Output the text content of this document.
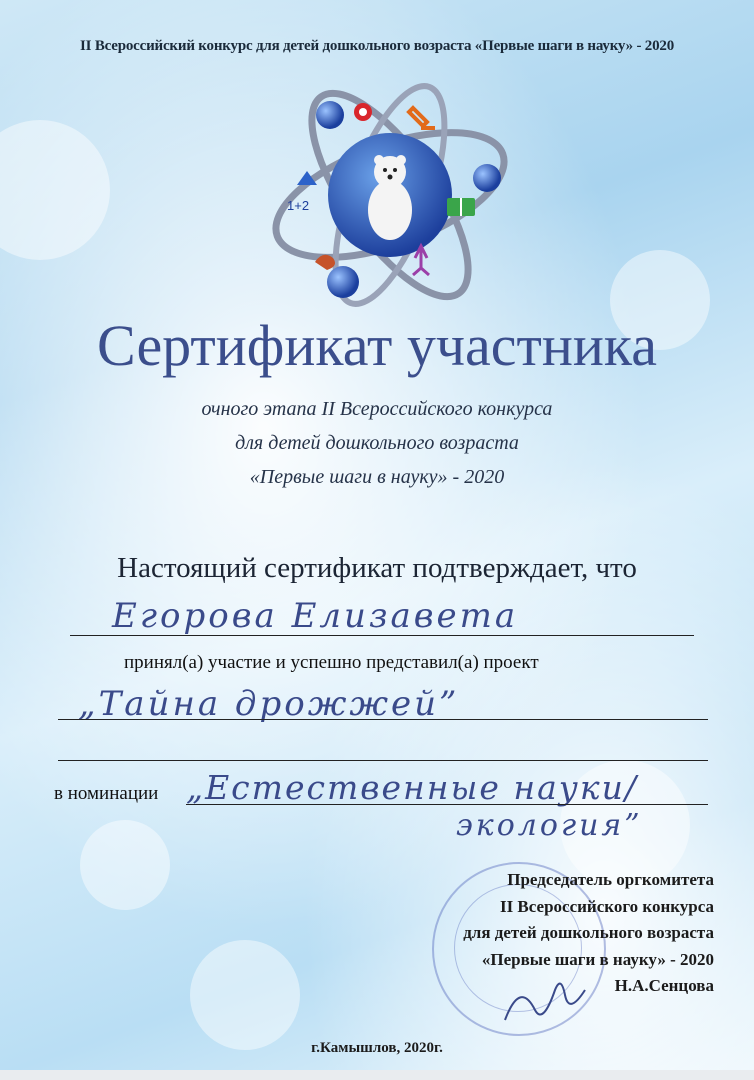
II Всероссийский конкурс для детей дошкольного возраста «Первые шаги в науку» - 2020
1+2
Сертификат участника
очного этапа II Всероссийского конкурса
для детей дошкольного возраста
«Первые шаги в науку» - 2020
Настоящий сертификат подтверждает, что
Егорова Елизавета
принял(а) участие и успешно представил(а) проект
„Тайна дрожжей”
в номинации „Естественные науки/
экология”
Председатель оргкомитета
II Всероссийского конкурса
для детей дошкольного возраста
«Первые шаги в науку» - 2020
Н.А.Сенцова
г.Камышлов, 2020г.
